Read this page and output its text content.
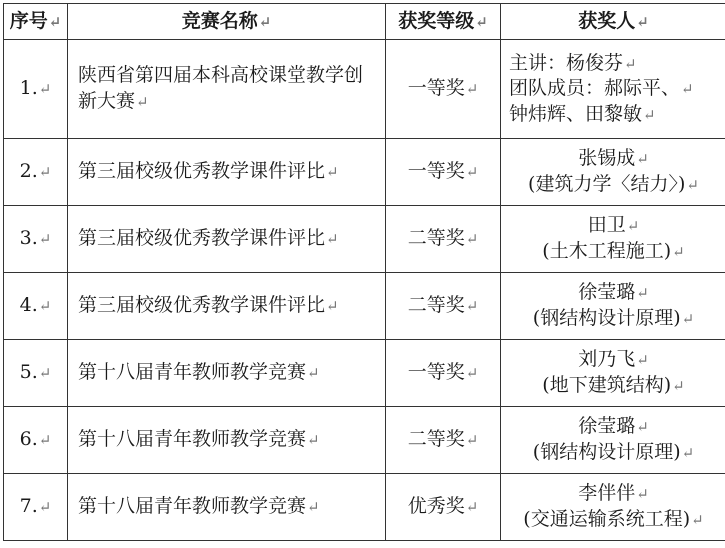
序号↵	竞赛名称↵	获奖等级↵	获奖人↵
1.↵	陕西省第四届本科高校课堂教学创新大赛↵	一等奖↵	主讲：杨俊芬↵
团队成员：郝际平、↵
钟炜辉、田黎敏↵

2.↵	第三届校级优秀教学课件评比↵	一等奖↵	张锡成↵
(建筑力学〈结力〉)↵

3.↵	第三届校级优秀教学课件评比↵	二等奖↵	田卫↵
(土木工程施工)↵

4.↵	第三届校级优秀教学课件评比↵	二等奖↵	徐莹璐↵
(钢结构设计原理)↵

5.↵	第十八届青年教师教学竞赛↵	一等奖↵	刘乃飞↵
(地下建筑结构)↵

6.↵	第十八届青年教师教学竞赛↵	二等奖↵	徐莹璐↵
(钢结构设计原理)↵

7.↵	第十八届青年教师教学竞赛↵	优秀奖↵	李伴伴↵
(交通运输系统工程)↵
